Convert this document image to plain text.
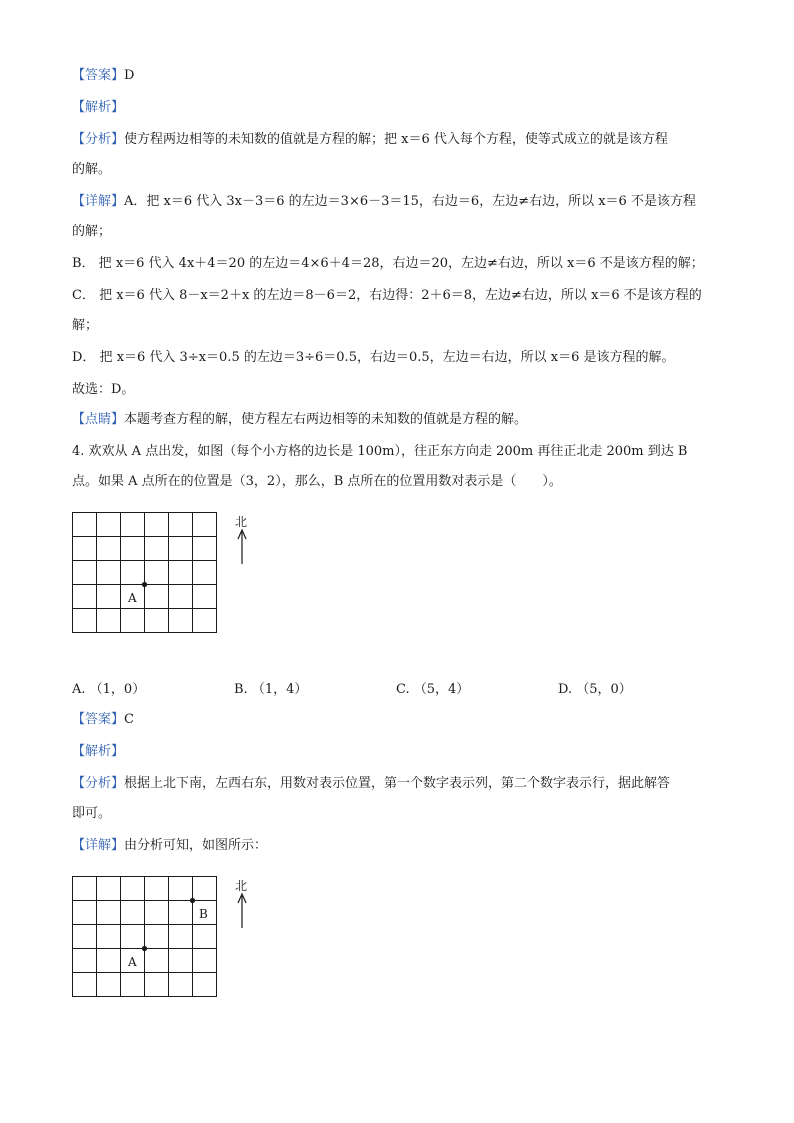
【答案】D
【解析】
【分析】使方程两边相等的未知数的值就是方程的解；把 x＝6 代入每个方程，使等式成立的就是该方程
的解。
【详解】A．把 x＝6 代入 3x－3＝6 的左边＝3×6－3＝15，右边＝6，左边≠右边，所以 x＝6 不是该方程
的解；
B． 把 x＝6 代入 4x＋4＝20 的左边＝4×6＋4＝28，右边＝20，左边≠右边，所以 x＝6 不是该方程的解；
C． 把 x＝6 代入 8－x＝2＋x 的左边＝8－6＝2，右边得：2＋6＝8，左边≠右边，所以 x＝6 不是该方程的
解；
D． 把 x＝6 代入 3÷x＝0.5 的左边＝3÷6＝0.5，右边＝0.5，左边＝右边，所以 x＝6 是该方程的解。
故选：D。
【点睛】本题考查方程的解，使方程左右两边相等的未知数的值就是方程的解。
4. 欢欢从 A 点出发，如图（每个小方格的边长是 100m），往正东方向走 200m 再往正北走 200m 到达 B
点。如果 A 点所在的位置是（3，2），那么，B 点所在的位置用数对表示是（　　）。
A
北
A. （1，0）	B. （1，4）	C. （5，4）	D. （5，0）
【答案】C
【解析】
【分析】根据上北下南，左西右东，用数对表示位置，第一个数字表示列，第二个数字表示行，据此解答
即可。
【详解】由分析可知，如图所示：
A
B
北
